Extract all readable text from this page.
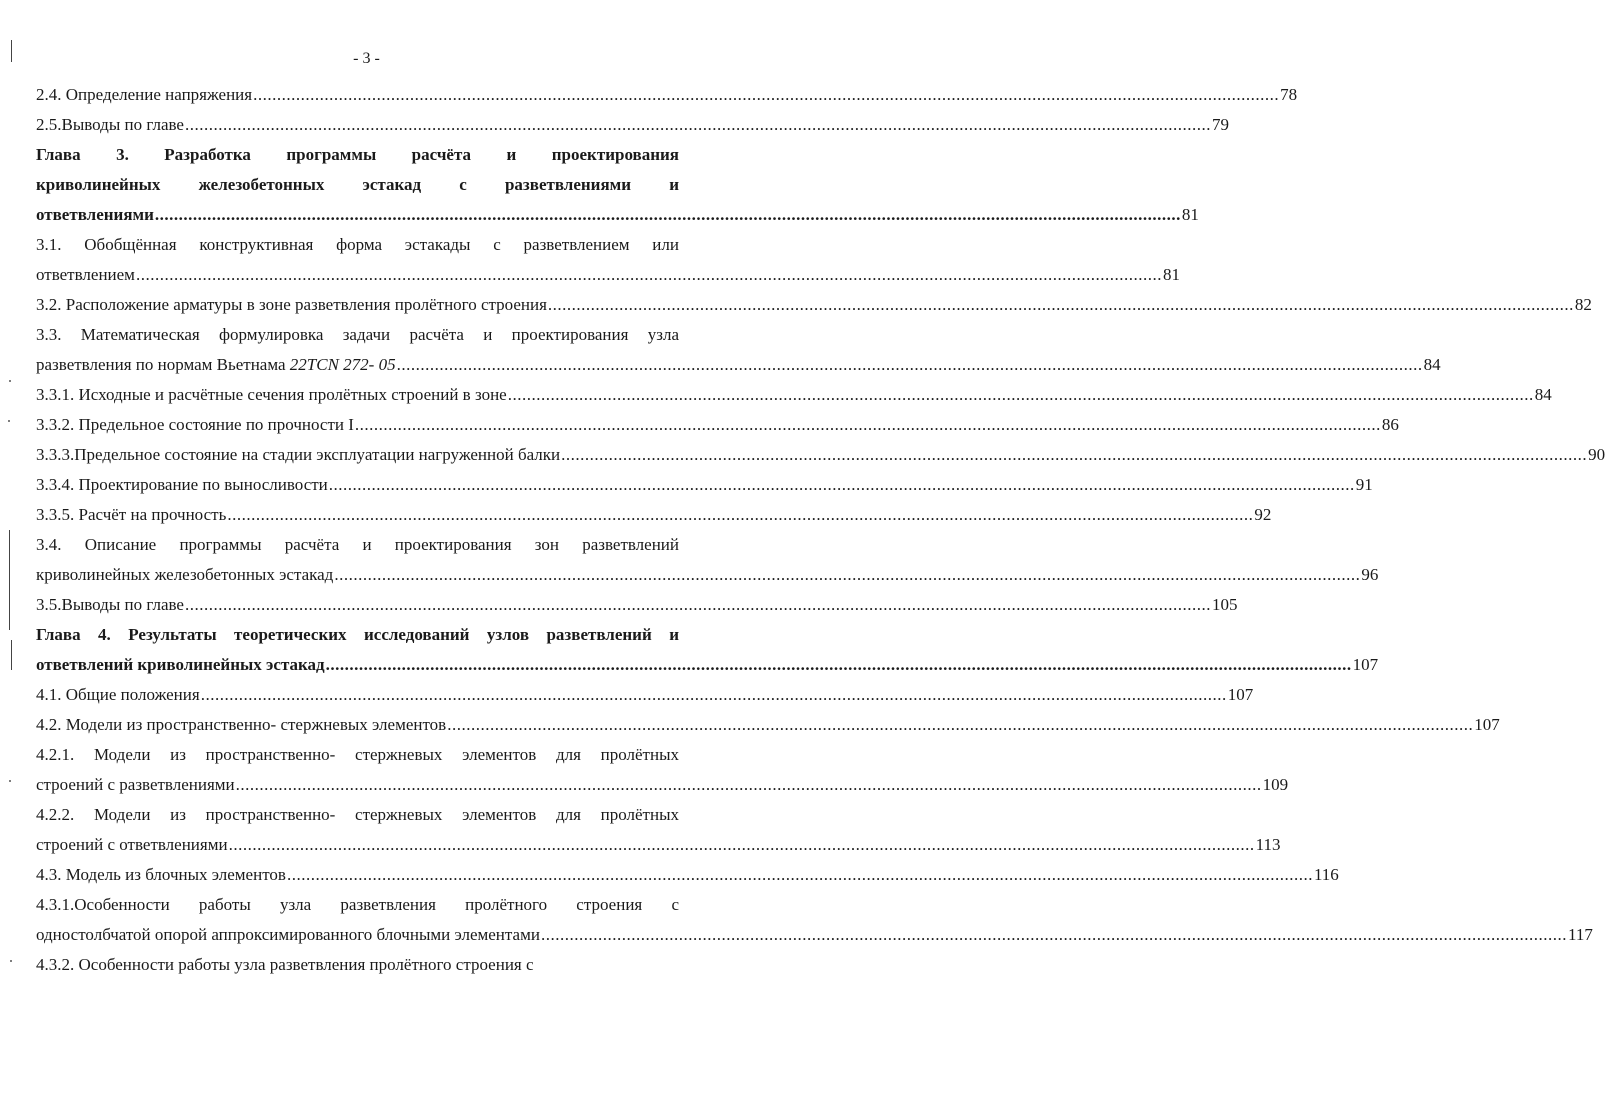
- 3 -
2.4. Определение напряжения .....	78
2.5.Выводы по главе .....	79
Глава 3. Разработка программы расчёта и проектирования
криволинейных железобетонных эстакад с разветвлениями и
ответвлениями .....	81
3.1. Обобщённая конструктивная форма эстакады с разветвлением или
ответвлением .....	81
3.2. Расположение арматуры в зоне разветвления пролётного строения .....	82
3.3. Математическая формулировка задачи расчёта и проектирования узла
разветвления по нормам Вьетнама 22TCN 272- 05 .....	84
3.3.1. Исходные и расчётные сечения пролётных строений в зоне .....	84
3.3.2. Предельное состояние по прочности I .....	86
3.3.3.Предельное состояние на стадии эксплуатации нагруженной балки .....	90
3.3.4. Проектирование по выносливости .....	91
3.3.5. Расчёт на прочность .....	92
3.4. Описание программы расчёта и проектирования зон разветвлений
криволинейных железобетонных эстакад .....	96
3.5.Выводы по главе .....	105
Глава 4. Результаты теоретических исследований узлов разветвлений и
ответвлений криволинейных эстакад .....	107
4.1. Общие положения .....	107
4.2. Модели из пространственно- стержневых элементов .....	107
4.2.1. Модели из пространственно- стержневых элементов для пролётных
строений с разветвлениями .....	109
4.2.2. Модели из пространственно- стержневых элементов для пролётных
строений с ответвлениями .....	113
4.3. Модель из блочных элементов .....	116
4.3.1.Особенности работы узла разветвления пролётного строения с
одностолбчатой опорой аппроксимированного блочными элементами .....	117
4.3.2. Особенности работы узла разветвления пролётного строения с
